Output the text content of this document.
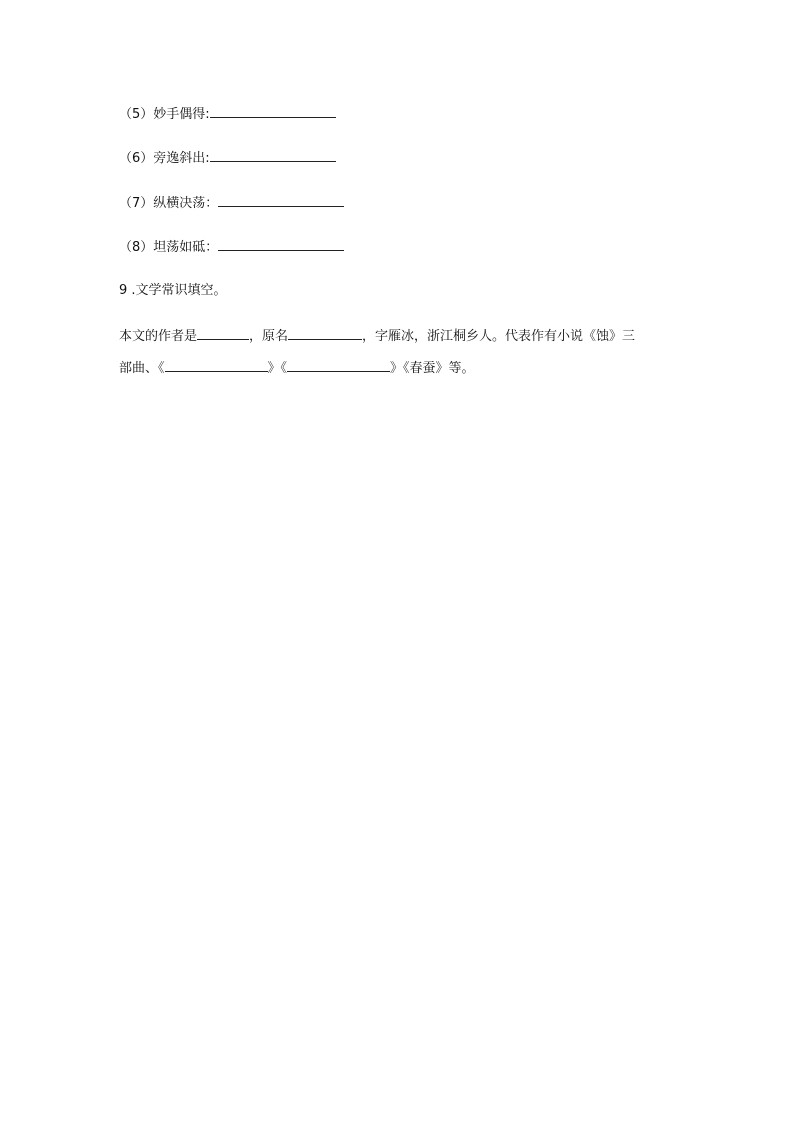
（5）妙手偶得:
（6）旁逸斜出:
（7）纵横决荡：
（8）坦荡如砥：
9 .文学常识填空。
本文的作者是	，原名	，字雁冰，浙江桐乡人。代表作有小说《蚀》三
部曲、《	》《	》《春蚕》等。
